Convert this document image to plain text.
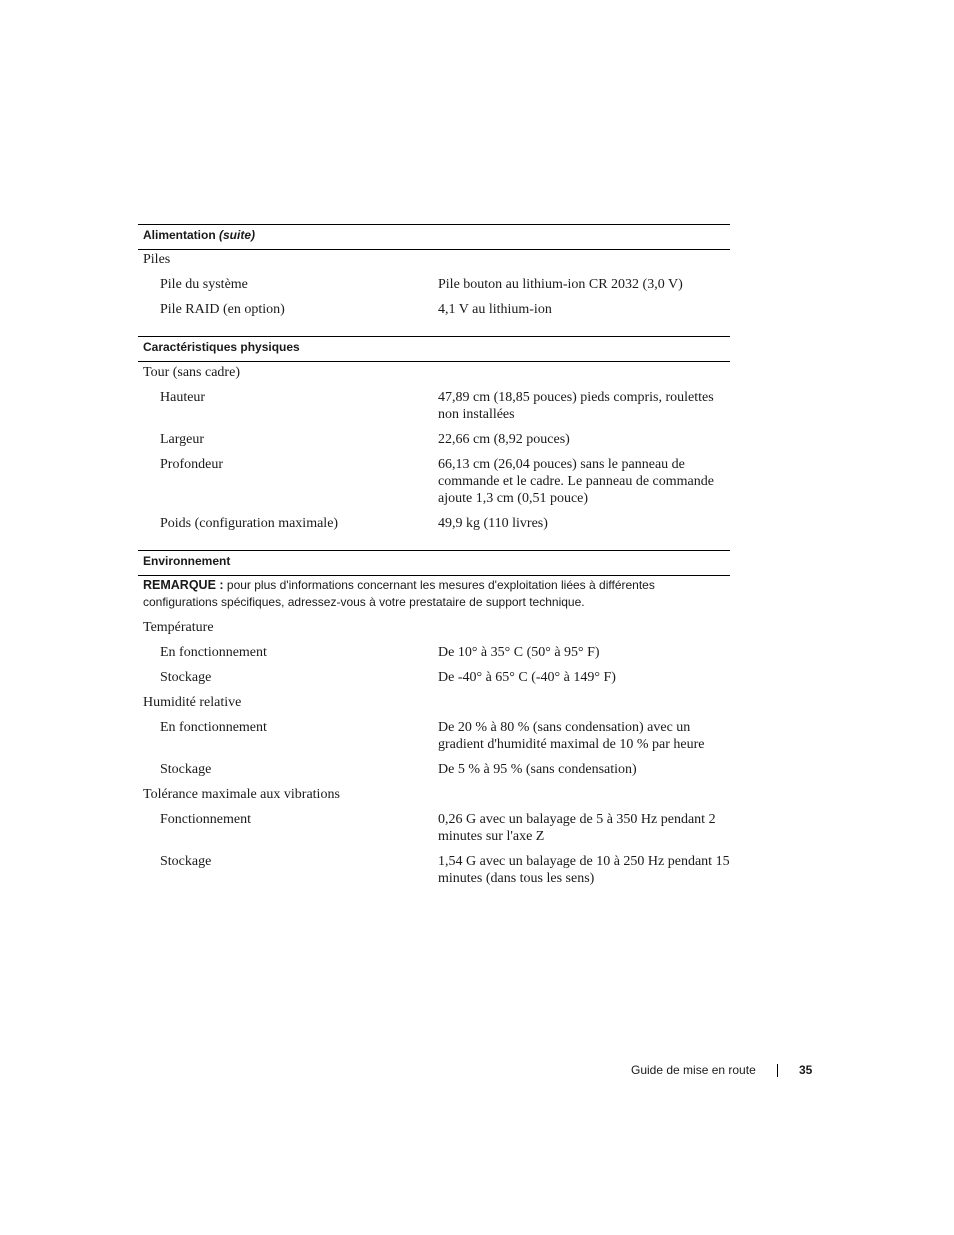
Alimentation (suite)
Piles
Pile du système	Pile bouton au lithium-ion CR 2032 (3,0 V)
Pile RAID (en option)	4,1 V au lithium-ion
Caractéristiques physiques
Tour (sans cadre)
Hauteur	47,89 cm (18,85 pouces) pieds compris, roulettes non installées
Largeur	22,66 cm (8,92 pouces)
Profondeur	66,13 cm (26,04 pouces) sans le panneau de commande et le cadre. Le panneau de commande ajoute 1,3 cm (0,51 pouce)
Poids (configuration maximale)	49,9 kg (110 livres)
Environnement
REMARQUE : pour plus d'informations concernant les mesures d'exploitation liées à différentes configurations spécifiques, adressez-vous à votre prestataire de support technique.
Température
En fonctionnement	De 10° à 35° C (50° à 95° F)
Stockage	De -40° à 65° C (-40° à 149° F)
Humidité relative
En fonctionnement	De 20 % à 80 % (sans condensation) avec un gradient d'humidité maximal de 10 % par heure
Stockage	De 5 % à 95 % (sans condensation)
Tolérance maximale aux vibrations
Fonctionnement	0,26 G avec un balayage de 5 à 350 Hz pendant 2 minutes sur l'axe Z
Stockage	1,54 G avec un balayage de 10 à 250 Hz pendant 15 minutes (dans tous les sens)
Guide de mise en route	35
